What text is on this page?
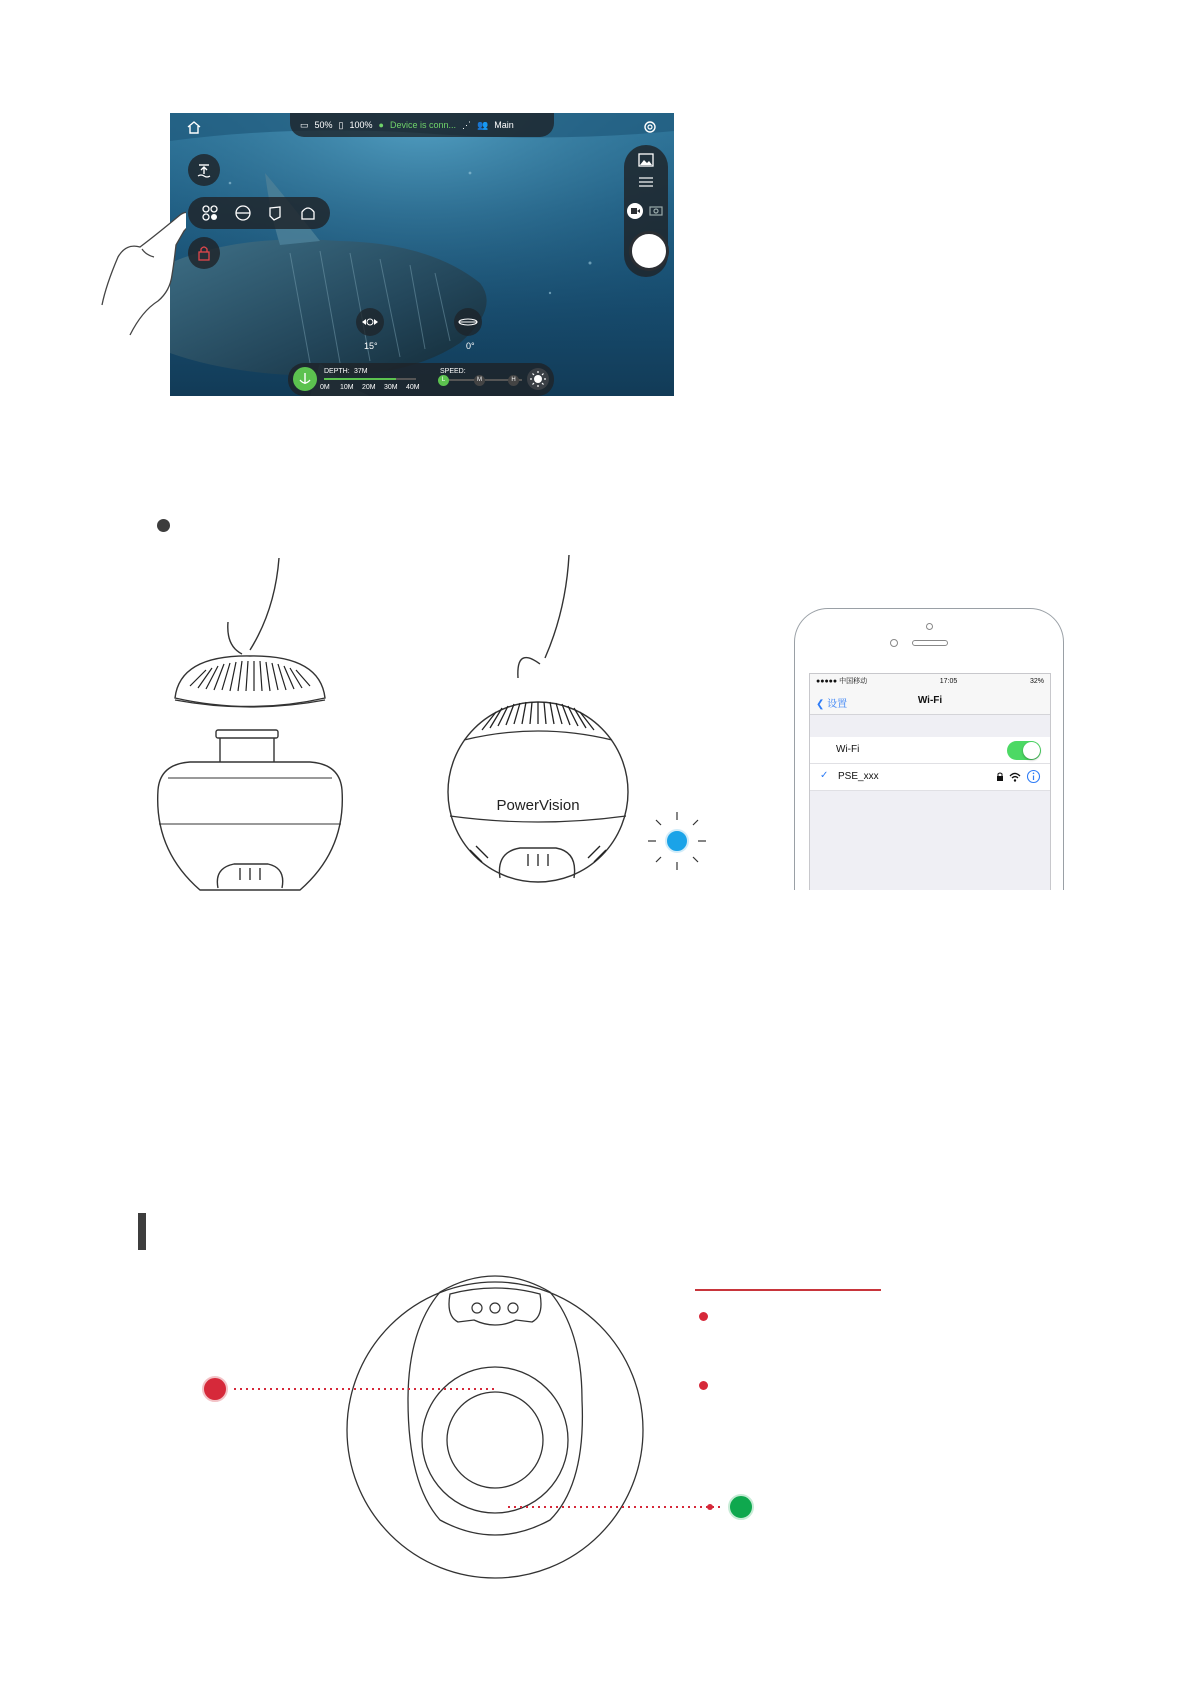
▭ 50% ▯ 100% ● Device is conn... ⋰ 👥 Main
15°	0°
DEPTH: 37M
0M 10M 20M 30M 40M
SPEED:
L	M	H
PowerVision
●●●●● 中国移动	17:05	32%
❮ 设置	Wi-Fi
Wi-Fi
✓ PSE_xxx
